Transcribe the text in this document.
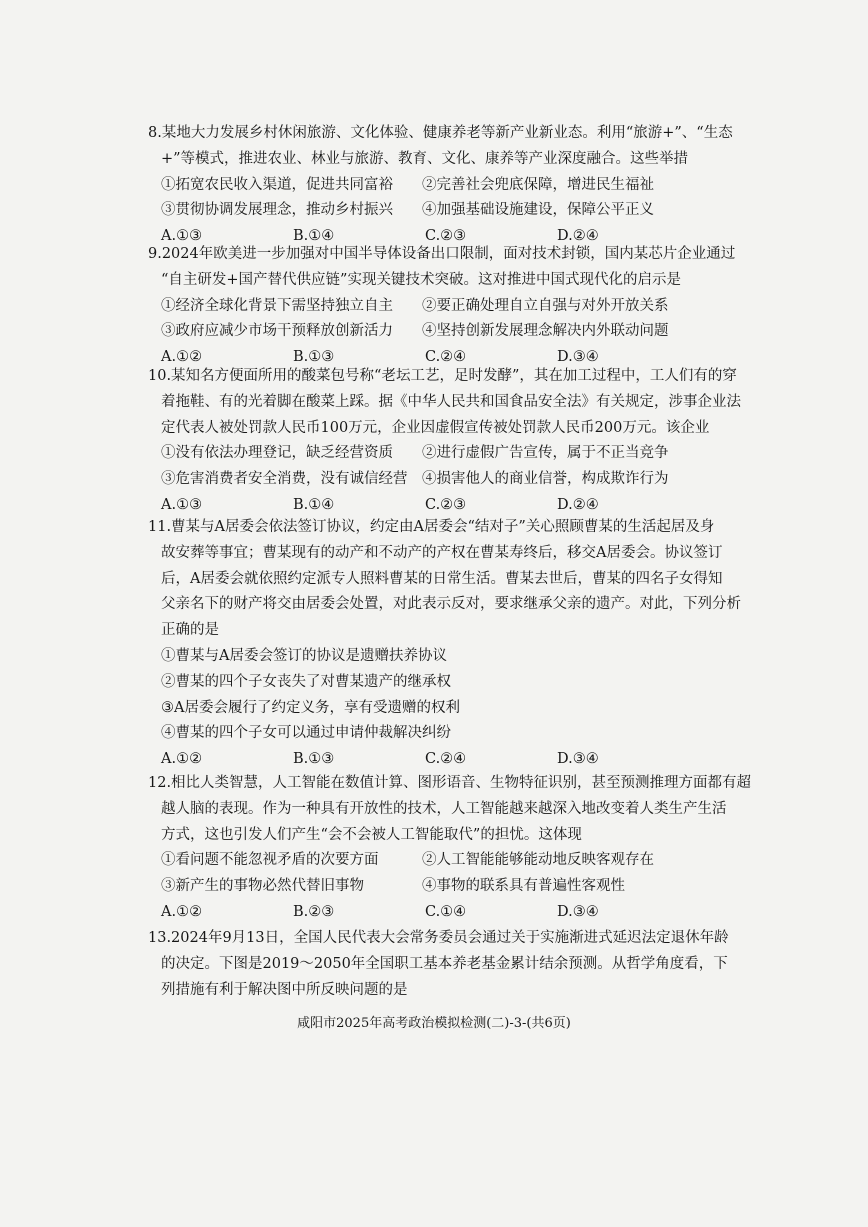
8.某地大力发展乡村休闲旅游、文化体验、健康养老等新产业新业态。利用“旅游+”、“生态
+”等模式，推进农业、林业与旅游、教育、文化、康养等产业深度融合。这些举措
①拓宽农民收入渠道，促进共同富裕 ②完善社会兜底保障，增进民生福祉
③贯彻协调发展理念，推动乡村振兴 ④加强基础设施建设，保障公平正义
A.①③	B.①④	C.②③	D.②④
9.2024年欧美进一步加强对中国半导体设备出口限制，面对技术封锁，国内某芯片企业通过
“自主研发+国产替代供应链”实现关键技术突破。这对推进中国式现代化的启示是
①经济全球化背景下需坚持独立自主 ②要正确处理自立自强与对外开放关系
③政府应减少市场干预释放创新活力 ④坚持创新发展理念解决内外联动问题
A.①②	B.①③	C.②④	D.③④
10.某知名方便面所用的酸菜包号称“老坛工艺，足时发酵”，其在加工过程中，工人们有的穿
着拖鞋、有的光着脚在酸菜上踩。据《中华人民共和国食品安全法》有关规定，涉事企业法
定代表人被处罚款人民币100万元，企业因虚假宣传被处罚款人民币200万元。该企业
①没有依法办理登记，缺乏经营资质 ②进行虚假广告宣传，属于不正当竞争
③危害消费者安全消费，没有诚信经营 ④损害他人的商业信誉，构成欺诈行为
A.①③	B.①④	C.②③	D.②④
11.曹某与A居委会依法签订协议，约定由A居委会“结对子”关心照顾曹某的生活起居及身
故安葬等事宜；曹某现有的动产和不动产的产权在曹某寿终后，移交A居委会。协议签订
后，A居委会就依照约定派专人照料曹某的日常生活。曹某去世后，曹某的四名子女得知
父亲名下的财产将交由居委会处置，对此表示反对，要求继承父亲的遗产。对此，下列分析
正确的是
①曹某与A居委会签订的协议是遗赠扶养协议
②曹某的四个子女丧失了对曹某遗产的继承权
③A居委会履行了约定义务，享有受遗赠的权利
④曹某的四个子女可以通过申请仲裁解决纠纷
A.①②	B.①③	C.②④	D.③④
12.相比人类智慧，人工智能在数值计算、图形语音、生物特征识别，甚至预测推理方面都有超
越人脑的表现。作为一种具有开放性的技术，人工智能越来越深入地改变着人类生产生活
方式，这也引发人们产生“会不会被人工智能取代”的担忧。这体现
①看问题不能忽视矛盾的次要方面	②人工智能能够能动地反映客观存在
③新产生的事物必然代替旧事物	④事物的联系具有普遍性客观性
A.①②	B.②③	C.①④	D.③④
13.2024年9月13日，全国人民代表大会常务委员会通过关于实施渐进式延迟法定退休年龄
的决定。下图是2019～2050年全国职工基本养老基金累计结余预测。从哲学角度看，下
列措施有利于解决图中所反映问题的是
咸阳市2025年高考政治模拟检测(二)-3-(共6页)
